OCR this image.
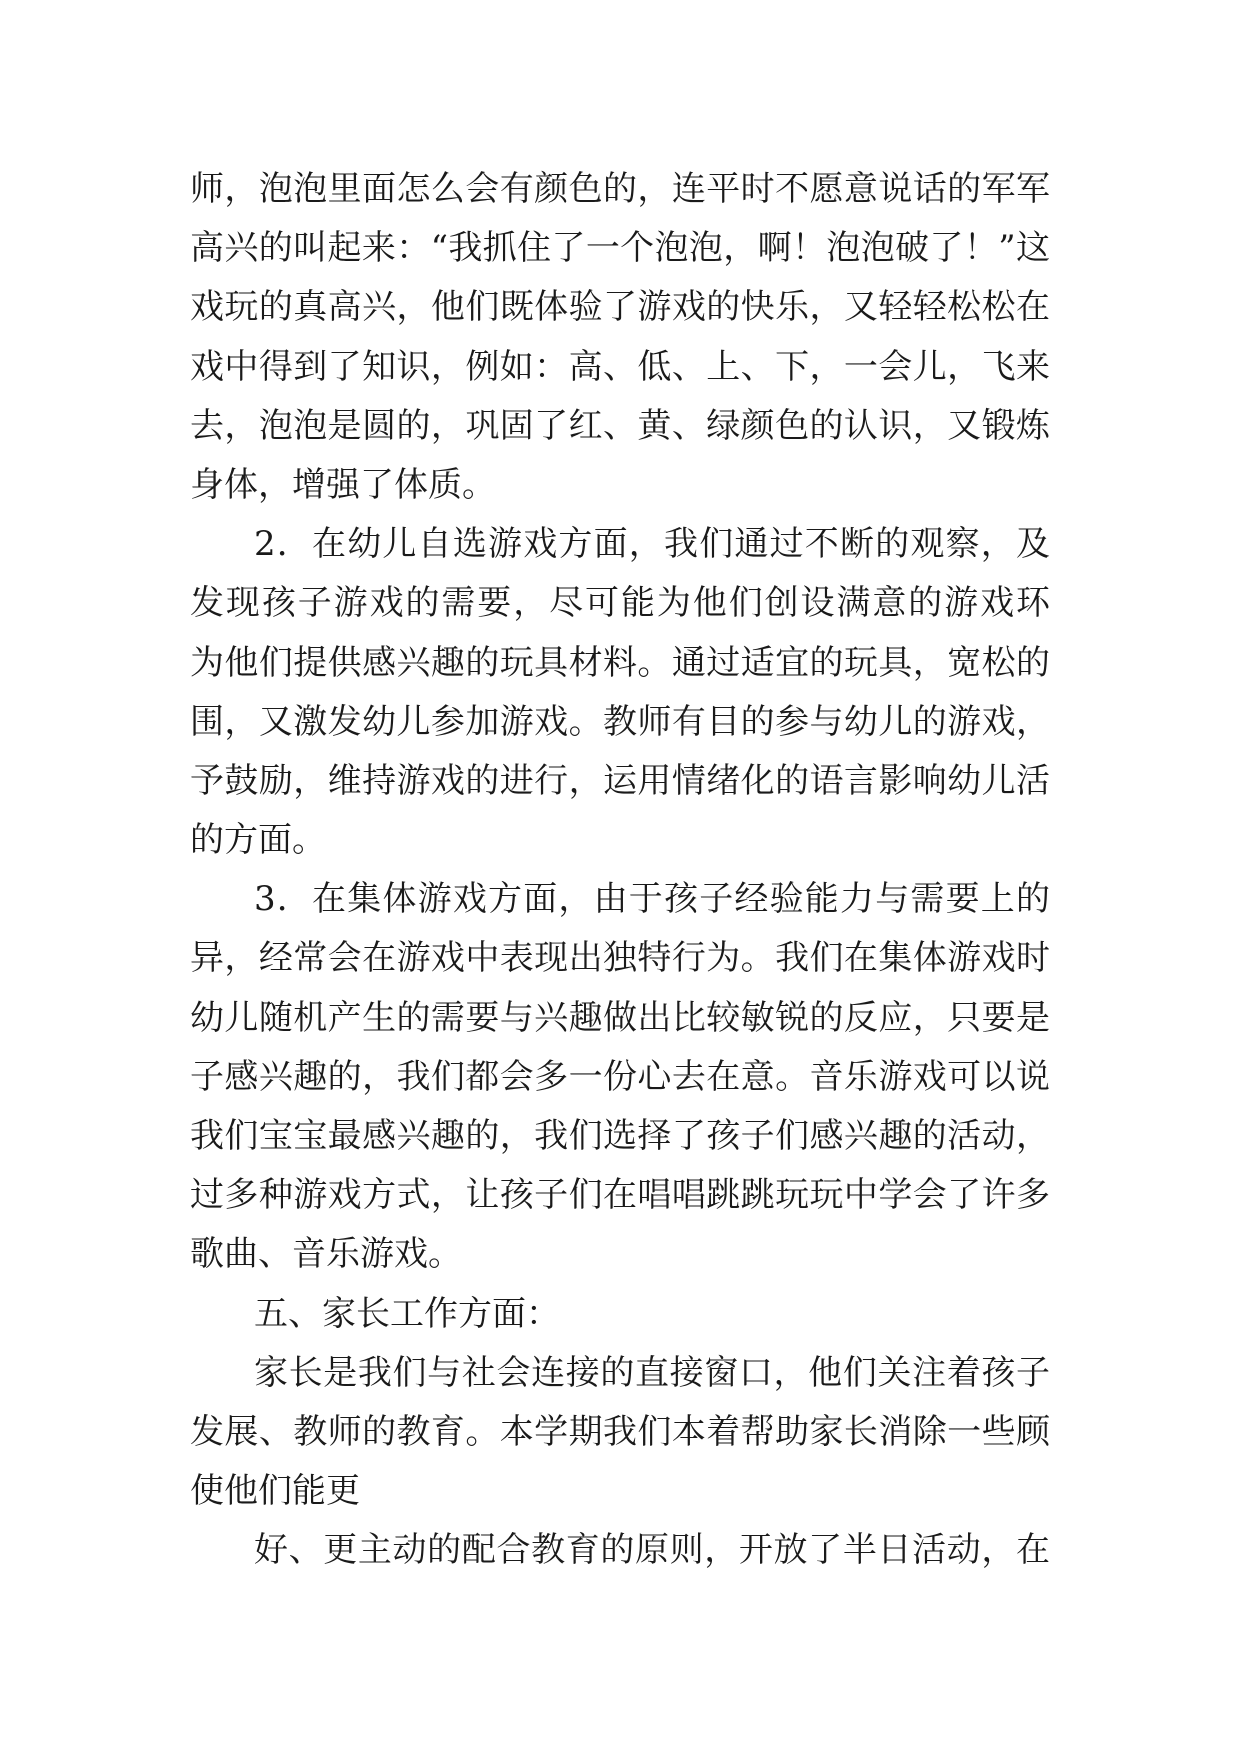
师，泡泡里面怎么会有颜色的，连平时不愿意说话的军军
高兴的叫起来：“我抓住了一个泡泡，啊！泡泡破了！”这
戏玩的真高兴，他们既体验了游戏的快乐，又轻轻松松在
戏中得到了知识，例如：高、低、上、下，一会儿，飞来
去，泡泡是圆的，巩固了红、黄、绿颜色的认识，又锻炼
身体，增强了体质。
2．在幼儿自选游戏方面，我们通过不断的观察，及
发现孩子游戏的需要，尽可能为他们创设满意的游戏环
为他们提供感兴趣的玩具材料。通过适宜的玩具，宽松的
围，又激发幼儿参加游戏。教师有目的参与幼儿的游戏，
予鼓励，维持游戏的进行，运用情绪化的语言影响幼儿活
的方面。
3．在集体游戏方面，由于孩子经验能力与需要上的
异，经常会在游戏中表现出独特行为。我们在集体游戏时
幼儿随机产生的需要与兴趣做出比较敏锐的反应，只要是
子感兴趣的，我们都会多一份心去在意。音乐游戏可以说
我们宝宝最感兴趣的，我们选择了孩子们感兴趣的活动，
过多种游戏方式，让孩子们在唱唱跳跳玩玩中学会了许多
歌曲、音乐游戏。
五、家长工作方面：
家长是我们与社会连接的直接窗口，他们关注着孩子
发展、教师的教育。本学期我们本着帮助家长消除一些顾
使他们能更
好、更主动的配合教育的原则，开放了半日活动，在
